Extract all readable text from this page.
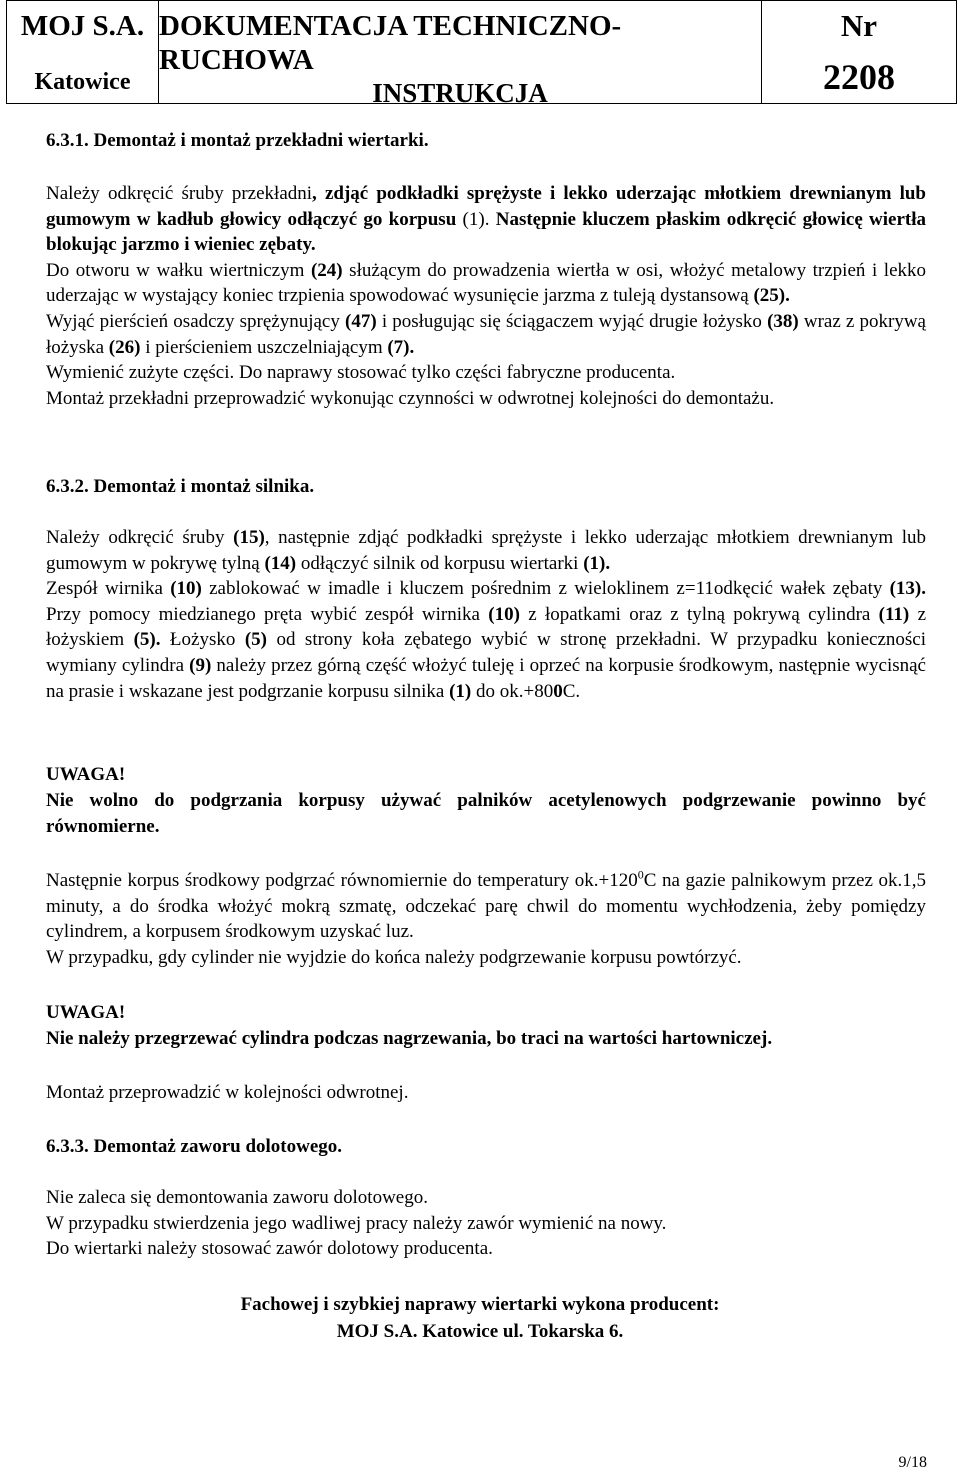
MOJ S.A.
Katowice
DOKUMENTACJA TECHNICZNO-RUCHOWA
INSTRUKCJA
Nr
2208
6.3.1. Demontaż i montaż przekładni wiertarki.

Należy odkręcić śruby przekładni, zdjąć podkładki sprężyste i lekko uderzając młotkiem drewnianym lub gumowym w kadłub głowicy odłączyć go korpusu (1). Następnie kluczem płaskim odkręcić głowicę wiertła blokując jarzmo i wieniec zębaty.

Do otworu w wałku wiertniczym (24) służącym do prowadzenia wiertła w osi, włożyć metalowy trzpień i lekko uderzając w wystający koniec trzpienia spowodować wysunięcie jarzma z tuleją dystansową (25).

Wyjąć pierścień osadczy sprężynujący (47) i posługując się ściągaczem wyjąć drugie łożysko (38) wraz z pokrywą łożyska (26) i pierścieniem uszczelniającym (7).

Wymienić zużyte części. Do naprawy stosować tylko części fabryczne producenta.

Montaż przekładni przeprowadzić wykonując czynności w odwrotnej kolejności do demontażu.

6.3.2. Demontaż i montaż silnika.

Należy odkręcić śruby (15), następnie zdjąć podkładki sprężyste i lekko uderzając młotkiem drewnianym lub gumowym w pokrywę tylną (14) odłączyć silnik od korpusu wiertarki (1).

Zespół wirnika (10) zablokować w imadle i kluczem pośrednim z wieloklinem z=11odkęcić wałek zębaty (13). Przy pomocy miedzianego pręta wybić zespół wirnika (10) z łopatkami oraz z tylną pokrywą cylindra (11) z łożyskiem (5). Łożysko (5) od strony koła zębatego wybić w stronę przekładni. W przypadku konieczności wymiany cylindra (9) należy przez górną część włożyć tuleję i oprzeć na korpusie środkowym, następnie wycisnąć na prasie i wskazane jest podgrzanie korpusu silnika (1) do ok.+800C.

UWAGA!
Nie wolno do podgrzania korpusy używać palników acetylenowych podgrzewanie powinno być równomierne.

Następnie korpus środkowy podgrzać równomiernie do temperatury $ok.+120^0C$ na gazie palnikowym przez ok.1,5 minuty, a do środka włożyć mokrą szmatę, odczekać parę chwil do momentu wychłodzenia, żeby pomiędzy cylindrem, a korpusem środkowym uzyskać luz.

W przypadku, gdy cylinder nie wyjdzie do końca należy podgrzewanie korpusu powtórzyć.

UWAGA!
Nie należy przegrzewać cylindra podczas nagrzewania, bo traci na wartości hartowniczej.

Montaż przeprowadzić w kolejności odwrotnej.

6.3.3. Demontaż zaworu dolotowego.

Nie zaleca się demontowania zaworu dolotowego.

W przypadku stwierdzenia jego wadliwej pracy należy zawór wymienić na nowy.

Do wiertarki należy stosować zawór dolotowy producenta.

Fachowej i szybkiej naprawy wiertarki wykona producent:
MOJ S.A. Katowice ul. Tokarska 6.
9/18
